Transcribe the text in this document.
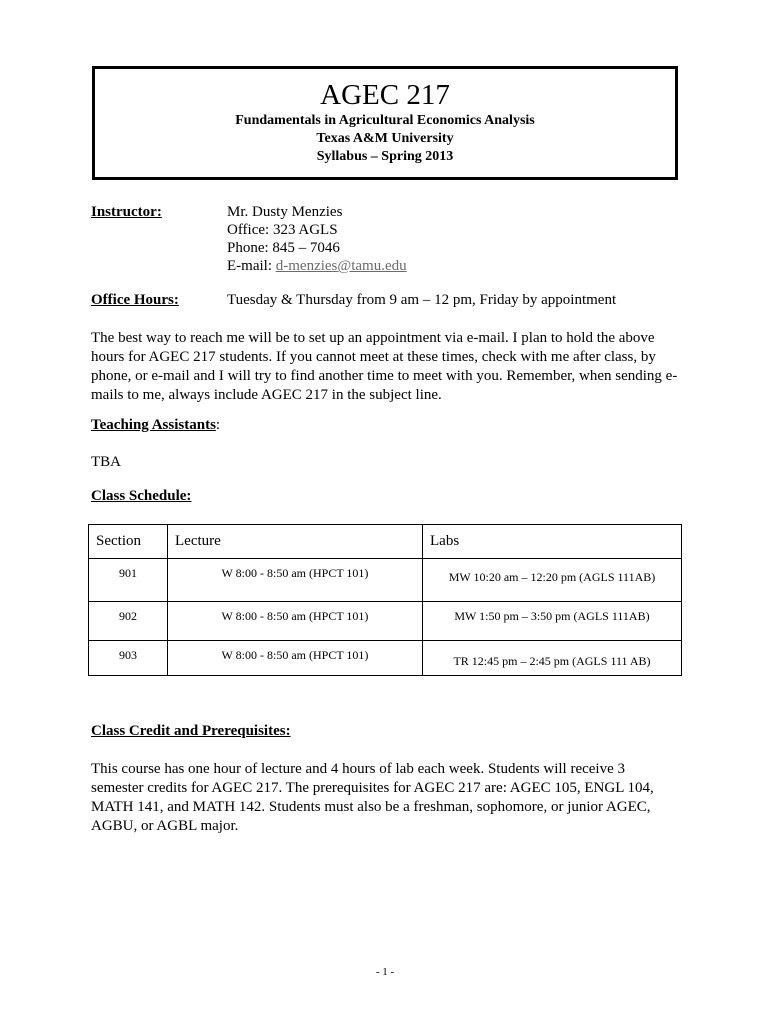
AGEC 217
Fundamentals in Agricultural Economics Analysis
Texas A&M University
Syllabus – Spring 2013
Instructor:	Mr. Dusty Menzies
Office: 323 AGLS
Phone: 845 – 7046
E-mail: d-menzies@tamu.edu
Office Hours:	Tuesday & Thursday from 9 am – 12 pm, Friday by appointment
The best way to reach me will be to set up an appointment via e-mail. I plan to hold the above hours for AGEC 217 students. If you cannot meet at these times, check with me after class, by phone, or e-mail and I will try to find another time to meet with you. Remember, when sending e-mails to me, always include AGEC 217 in the subject line.
Teaching Assistants:
TBA
Class Schedule:
Section	Lecture	Labs
901	W 8:00 - 8:50 am (HPCT 101)	MW 10:20 am – 12:20 pm (AGLS 111AB)
902	W 8:00 - 8:50 am (HPCT 101)	MW 1:50 pm – 3:50 pm (AGLS 111AB)
903	W 8:00 - 8:50 am (HPCT 101)	TR 12:45 pm – 2:45 pm (AGLS 111 AB)
Class Credit and Prerequisites:
This course has one hour of lecture and 4 hours of lab each week. Students will receive 3 semester credits for AGEC 217. The prerequisites for AGEC 217 are: AGEC 105, ENGL 104, MATH 141, and MATH 142. Students must also be a freshman, sophomore, or junior AGEC, AGBU, or AGBL major.
- 1 -
